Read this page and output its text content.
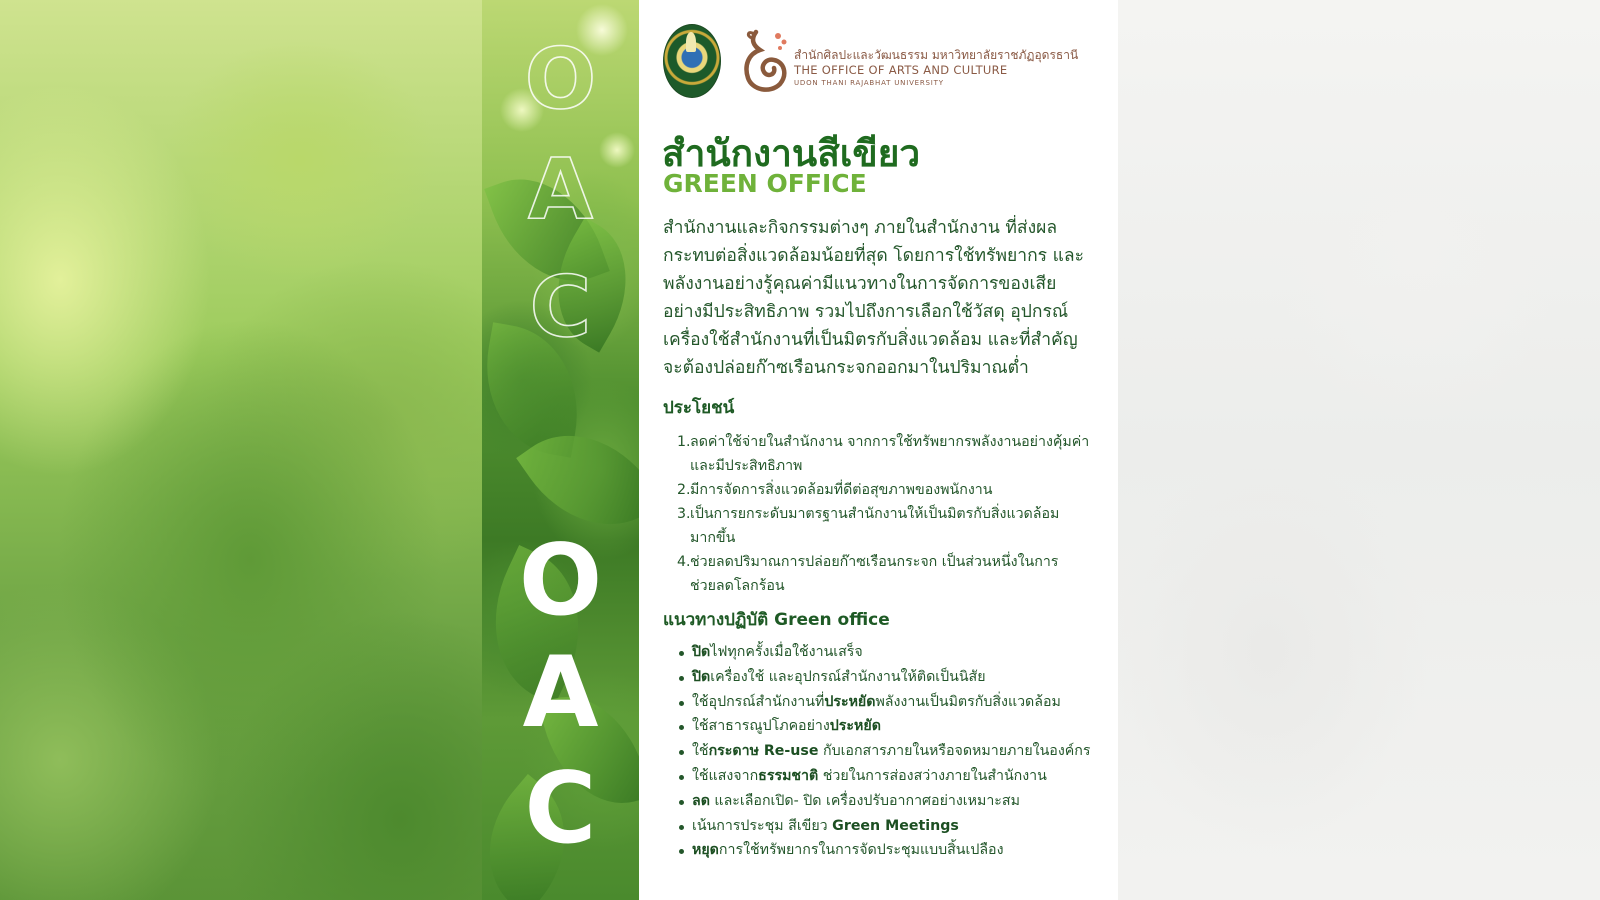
O
A
C
O
A
C
สำนักศิลปะและวัฒนธรรม มหาวิทยาลัยราชภัฏอุดรธานี
THE OFFICE OF ARTS AND CULTURE
UDON THANI RAJABHAT UNIVERSITY
สำนักงานสีเขียว
GREEN OFFICE
สำนักงานและกิจกรรมต่างๆ ภายในสำนักงาน ที่ส่งผล
กระทบต่อสิ่งแวดล้อมน้อยที่สุด โดยการใช้ทรัพยากร และ
พลังงานอย่างรู้คุณค่ามีแนวทางในการจัดการของเสีย
อย่างมีประสิทธิภาพ รวมไปถึงการเลือกใช้วัสดุ อุปกรณ์
เครื่องใช้สำนักงานที่เป็นมิตรกับสิ่งแวดล้อม และที่สำคัญ
จะต้องปล่อยก๊าซเรือนกระจกออกมาในปริมาณต่ำ
ประโยชน์
1. ลดค่าใช้จ่ายในสำนักงาน จากการใช้ทรัพยากรพลังงานอย่างคุ้มค่า
และมีประสิทธิภาพ
2. มีการจัดการสิ่งแวดล้อมที่ดีต่อสุขภาพของพนักงาน
3. เป็นการยกระดับมาตรฐานสำนักงานให้เป็นมิตรกับสิ่งแวดล้อม
มากขึ้น
4. ช่วยลดปริมาณการปล่อยก๊าซเรือนกระจก เป็นส่วนหนึ่งในการ
ช่วยลดโลกร้อน
แนวทางปฏิบัติ Green office
ปิดไฟทุกครั้งเมื่อใช้งานเสร็จ
ปิดเครื่องใช้ และอุปกรณ์สำนักงานให้ติดเป็นนิสัย
ใช้อุปกรณ์สำนักงานที่ประหยัดพลังงานเป็นมิตรกับสิ่งแวดล้อม
ใช้สาธารณูปโภคอย่างประหยัด
ใช้กระดาษ Re-use กับเอกสารภายในหรือจดหมายภายในองค์กร
ใช้แสงจากธรรมชาติ ช่วยในการส่องสว่างภายในสำนักงาน
ลด และเลือกเปิด- ปิด เครื่องปรับอากาศอย่างเหมาะสม
เน้นการประชุม สีเขียว Green Meetings
หยุดการใช้ทรัพยากรในการจัดประชุมแบบสิ้นเปลือง
